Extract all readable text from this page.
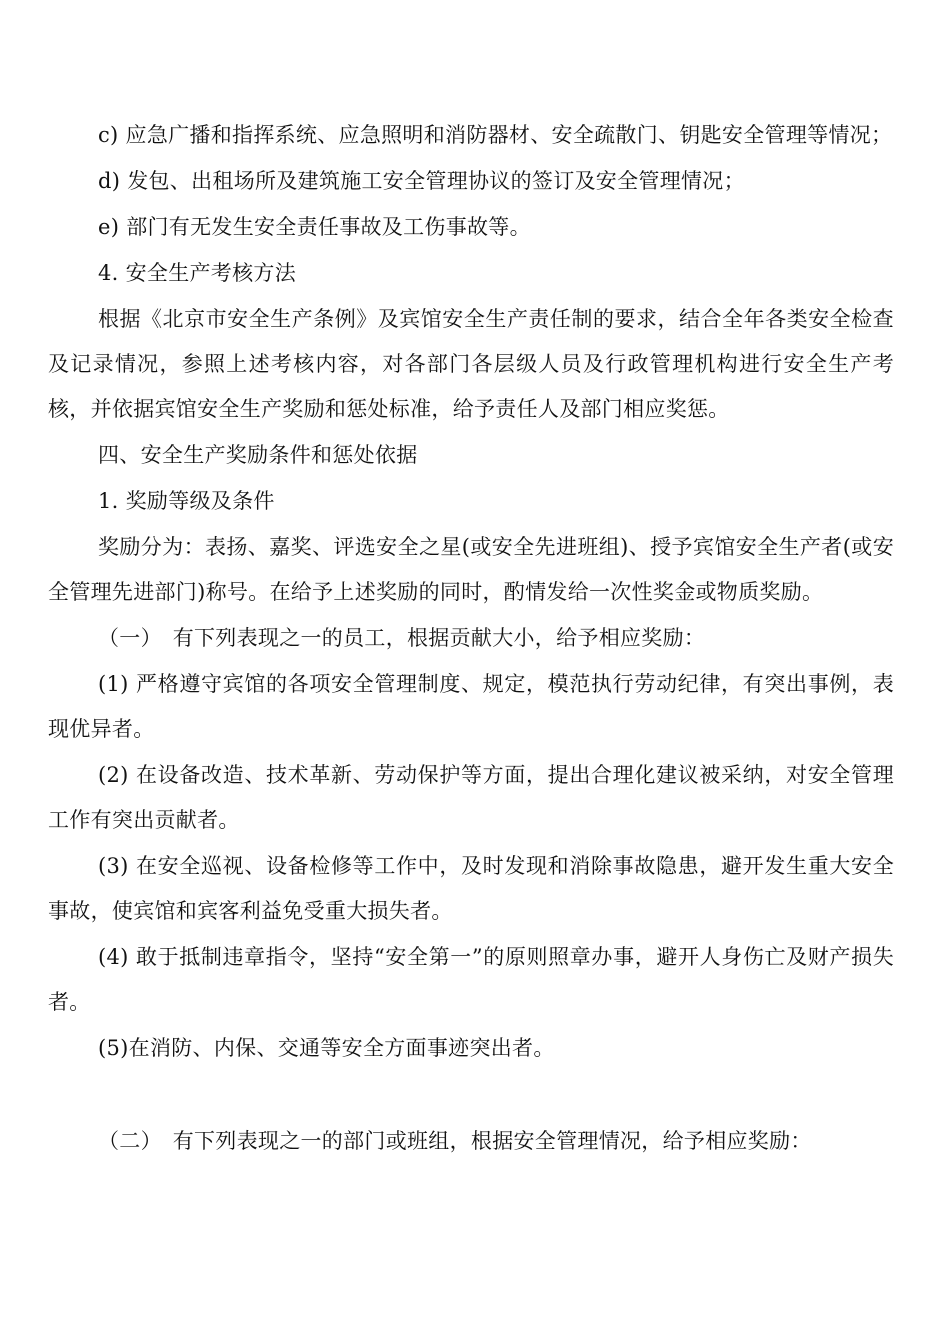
c) 应急广播和指挥系统、应急照明和消防器材、安全疏散门、钥匙安全管理等情况；

d) 发包、出租场所及建筑施工安全管理协议的签订及安全管理情况；

e) 部门有无发生安全责任事故及工伤事故等。

4. 安全生产考核方法

根据《北京市安全生产条例》及宾馆安全生产责任制的要求，结合全年各类安全检查及记录情况，参照上述考核内容，对各部门各层级人员及行政管理机构进行安全生产考核，并依据宾馆安全生产奖励和惩处标准，给予责任人及部门相应奖惩。

四、安全生产奖励条件和惩处依据

1. 奖励等级及条件

奖励分为：表扬、嘉奖、评选安全之星(或安全先进班组)、授予宾馆安全生产者(或安全管理先进部门)称号。在给予上述奖励的同时，酌情发给一次性奖金或物质奖励。

（一）　有下列表现之一的员工，根据贡献大小，给予相应奖励：

(1) 严格遵守宾馆的各项安全管理制度、规定，模范执行劳动纪律，有突出事例，表现优异者。

(2) 在设备改造、技术革新、劳动保护等方面，提出合理化建议被采纳，对安全管理工作有突出贡献者。

(3) 在安全巡视、设备检修等工作中，及时发现和消除事故隐患，避开发生重大安全事故，使宾馆和宾客利益免受重大损失者。

(4) 敢于抵制违章指令，坚持“安全第一”的原则照章办事，避开人身伤亡及财产损失者。

(5)在消防、内保、交通等安全方面事迹突出者。

（二）　有下列表现之一的部门或班组，根据安全管理情况，给予相应奖励：
